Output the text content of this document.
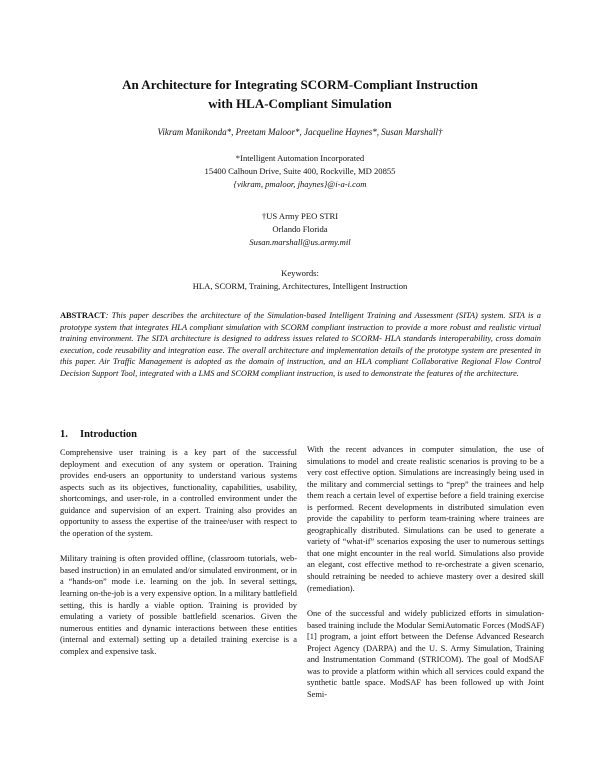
An Architecture for Integrating SCORM-Compliant Instruction
with HLA-Compliant Simulation
Vikram Manikonda*, Preetam Maloor*, Jacqueline Haynes*, Susan Marshall†
*Intelligent Automation Incorporated
15400 Calhoun Drive, Suite 400, Rockville, MD 20855
{vikram, pmaloor, jhaynes}@i-a-i.com
†US Army PEO STRI
Orlando Florida
Susan.marshall@us.army.mil
Keywords:
HLA, SCORM, Training, Architectures, Intelligent Instruction

ABSTRACT: This paper describes the architecture of the Simulation-based Intelligent Training and Assessment (SITA) system. SITA is a prototype system that integrates HLA compliant simulation with SCORM compliant instruction to provide a more robust and realistic virtual training environment. The SITA architecture is designed to address issues related to SCORM- HLA standards interoperability, cross domain execution, code reusability and integration ease. The overall architecture and implementation details of the prototype system are presented in this paper. Air Traffic Management is adopted as the domain of instruction, and an HLA compliant Collaborative Regional Flow Control Decision Support Tool, integrated with a LMS and SCORM compliant instruction, is used to demonstrate the features of the architecture.

1. Introduction

Comprehensive user training is a key part of the successful deployment and execution of any system or operation. Training provides end-users an opportunity to understand various systems aspects such as its objectives, functionality, capabilities, usability, shortcomings, and user-role, in a controlled environment under the guidance and supervision of an expert. Training also provides an opportunity to assess the expertise of the trainee/user with respect to the operation of the system.

Military training is often provided offline, (classroom tutorials, web-based instruction) in an emulated and/or simulated environment, or in a “hands-on” mode i.e. learning on the job. In several settings, learning on-the-job is a very expensive option. In a military battlefield setting, this is hardly a viable option. Training is provided by emulating a variety of possible battlefield scenarios. Given the numerous entities and dynamic interactions between these entities (internal and external) setting up a detailed training exercise is a complex and expensive task.

With the recent advances in computer simulation, the use of simulations to model and create realistic scenarios is proving to be a very cost effective option. Simulations are increasingly being used in the military and commercial settings to “prep” the trainees and help them reach a certain level of expertise before a field training exercise is performed. Recent developments in distributed simulation even provide the capability to perform team-training where trainees are geographically distributed. Simulations can be used to generate a variety of “what-if” scenarios exposing the user to numerous settings that one might encounter in the real world. Simulations also provide an elegant, cost effective method to re-orchestrate a given scenario, should retraining be needed to achieve mastery over a desired skill (remediation).

One of the successful and widely publicized efforts in simulation-based training include the Modular SemiAutomatic Forces (ModSAF) [1] program, a joint effort between the Defense Advanced Research Project Agency (DARPA) and the U. S. Army Simulation, Training and Instrumentation Command (STRICOM). The goal of ModSAF was to provide a platform within which all services could expand the synthetic battle space. ModSAF has been followed up with Joint Semi-
